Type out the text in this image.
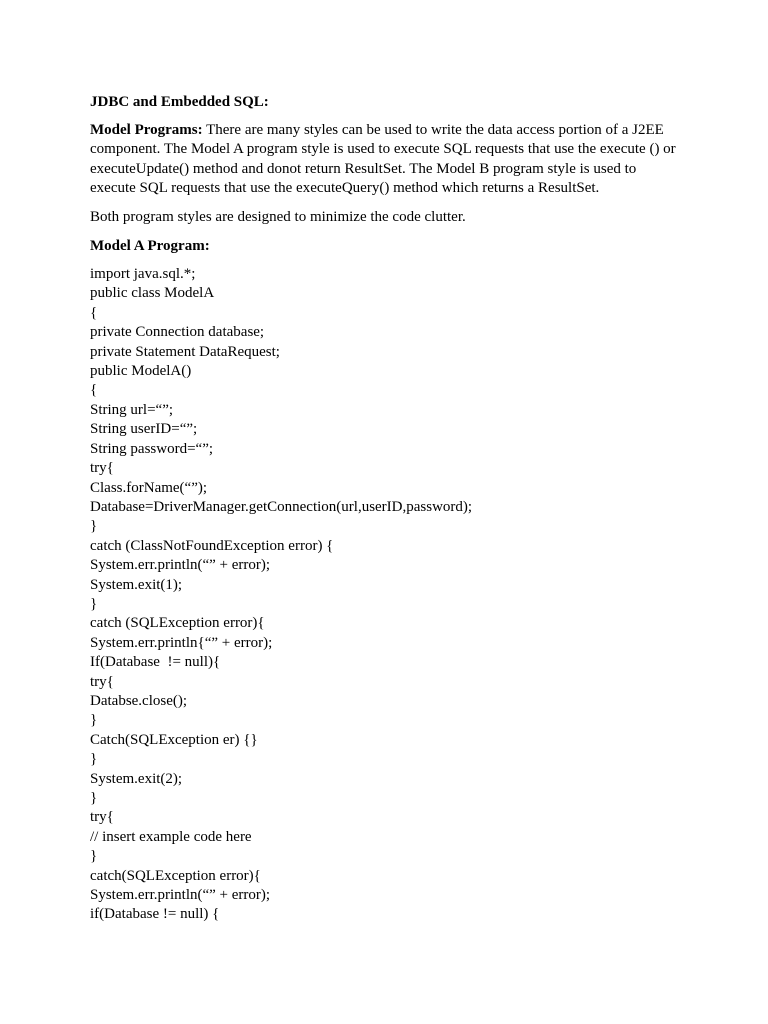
JDBC and Embedded SQL:

Model Programs: There are many styles can be used to write the data access portion of a J2EE component. The Model A program style is used to execute SQL requests that use the execute () or executeUpdate() method and donot return ResultSet. The Model B program style is used to execute SQL requests that use the executeQuery() method which returns a ResultSet.

Both program styles are designed to minimize the code clutter.

Model A Program:
import java.sql.*;
public class ModelA
{
private Connection database;
private Statement DataRequest;
public ModelA()
{
String url=“”;
String userID=“”;
String password=“”;
try{
Class.forName(“”);
Database=DriverManager.getConnection(url,userID,password);
}
catch (ClassNotFoundException error) {
System.err.println(“” + error);
System.exit(1);
}
catch (SQLException error){
System.err.println{“” + error);
If(Database  != null){
try{
Databse.close();
}
Catch(SQLException er) {}
}
System.exit(2);
}
try{
// insert example code here
}
catch(SQLException error){
System.err.println(“” + error);
if(Database != null) {
